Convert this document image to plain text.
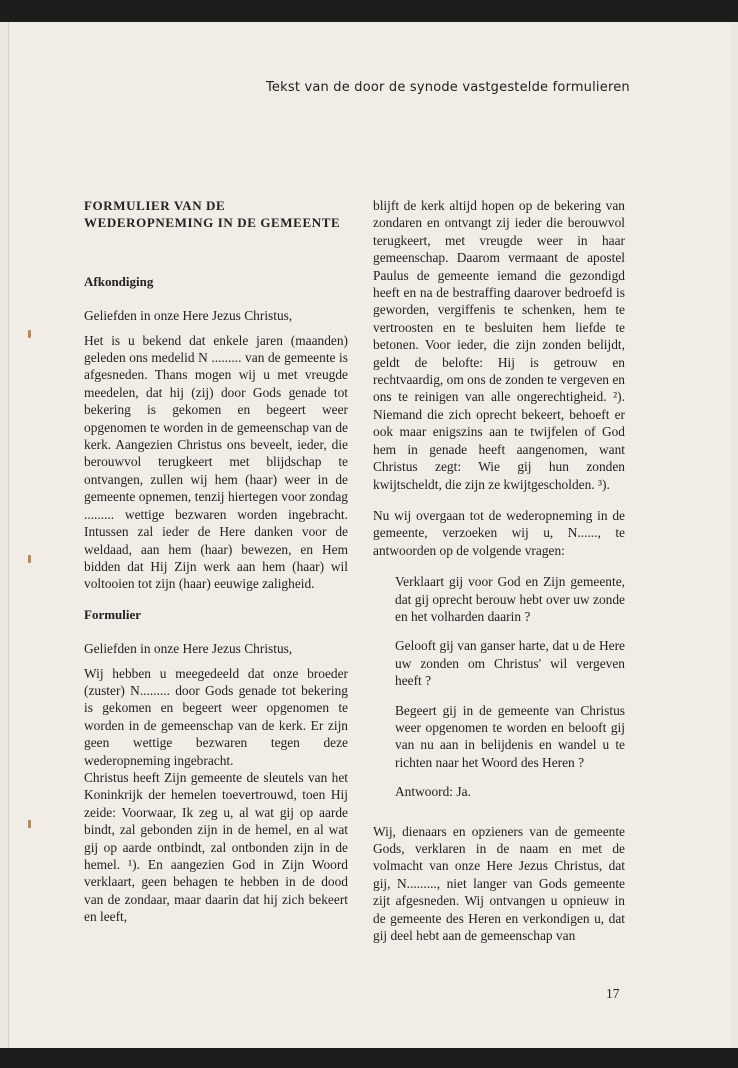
Tekst van de door de synode vastgestelde formulieren

FORMULIER VAN DE WEDEROPNEMING IN DE GEMEENTE

Afkondiging

Geliefden in onze Here Jezus Christus,

Het is u bekend dat enkele jaren (maanden) geleden ons medelid N ......... van de gemeente is afgesneden. Thans mogen wij u met vreugde meedelen, dat hij (zij) door Gods genade tot bekering is gekomen en begeert weer opgenomen te worden in de gemeenschap van de kerk. Aangezien Christus ons beveelt, ieder, die berouwvol terugkeert met blijdschap te ontvangen, zullen wij hem (haar) weer in de gemeente opnemen, tenzij hiertegen voor zondag ......... wettige bezwaren worden ingebracht. Intussen zal ieder de Here danken voor de weldaad, aan hem (haar) bewezen, en Hem bidden dat Hij Zijn werk aan hem (haar) wil voltooien tot zijn (haar) eeuwige zaligheid.

Formulier

Geliefden in onze Here Jezus Christus,

Wij hebben u meegedeeld dat onze broeder (zuster) N......... door Gods genade tot bekering is gekomen en begeert weer opgenomen te worden in de gemeenschap van de kerk. Er zijn geen wettige bezwaren tegen deze wederopneming ingebracht.

Christus heeft Zijn gemeente de sleutels van het Koninkrijk der hemelen toevertrouwd, toen Hij zeide: Voorwaar, Ik zeg u, al wat gij op aarde bindt, zal gebonden zijn in de hemel, en al wat gij op aarde ontbindt, zal ontbonden zijn in de hemel. ¹). En aangezien God in Zijn Woord verklaart, geen behagen te hebben in de dood van de zondaar, maar daarin dat hij zich bekeert en leeft,

blijft de kerk altijd hopen op de bekering van zondaren en ontvangt zij ieder die berouwvol terugkeert, met vreugde weer in haar gemeenschap. Daarom vermaant de apostel Paulus de gemeente iemand die gezondigd heeft en na de bestraffing daarover bedroefd is geworden, vergiffenis te schenken, hem te vertroosten en te besluiten hem liefde te betonen. Voor ieder, die zijn zonden belijdt, geldt de belofte: Hij is getrouw en rechtvaardig, om ons de zonden te vergeven en ons te reinigen van alle ongerechtigheid. ²). Niemand die zich oprecht bekeert, behoeft er ook maar enigszins aan te twijfelen of God hem in genade heeft aangenomen, want Christus zegt: Wie gij hun zonden kwijtscheldt, die zijn ze kwijtgescholden. ³).

Nu wij overgaan tot de wederopneming in de gemeente, verzoeken wij u, N......, te antwoorden op de volgende vragen:

Verklaart gij voor God en Zijn gemeente, dat gij oprecht berouw hebt over uw zonde en het volharden daarin ?

Gelooft gij van ganser harte, dat u de Here uw zonden om Christus' wil vergeven heeft ?

Begeert gij in de gemeente van Christus weer opgenomen te worden en belooft gij van nu aan in belijdenis en wandel u te richten naar het Woord des Heren ?

Antwoord: Ja.

Wij, dienaars en opzieners van de gemeente Gods, verklaren in de naam en met de volmacht van onze Here Jezus Christus, dat gij, N........., niet langer van Gods gemeente zijt afgesneden. Wij ontvangen u opnieuw in de gemeente des Heren en verkondigen u, dat gij deel hebt aan de gemeenschap van

17
